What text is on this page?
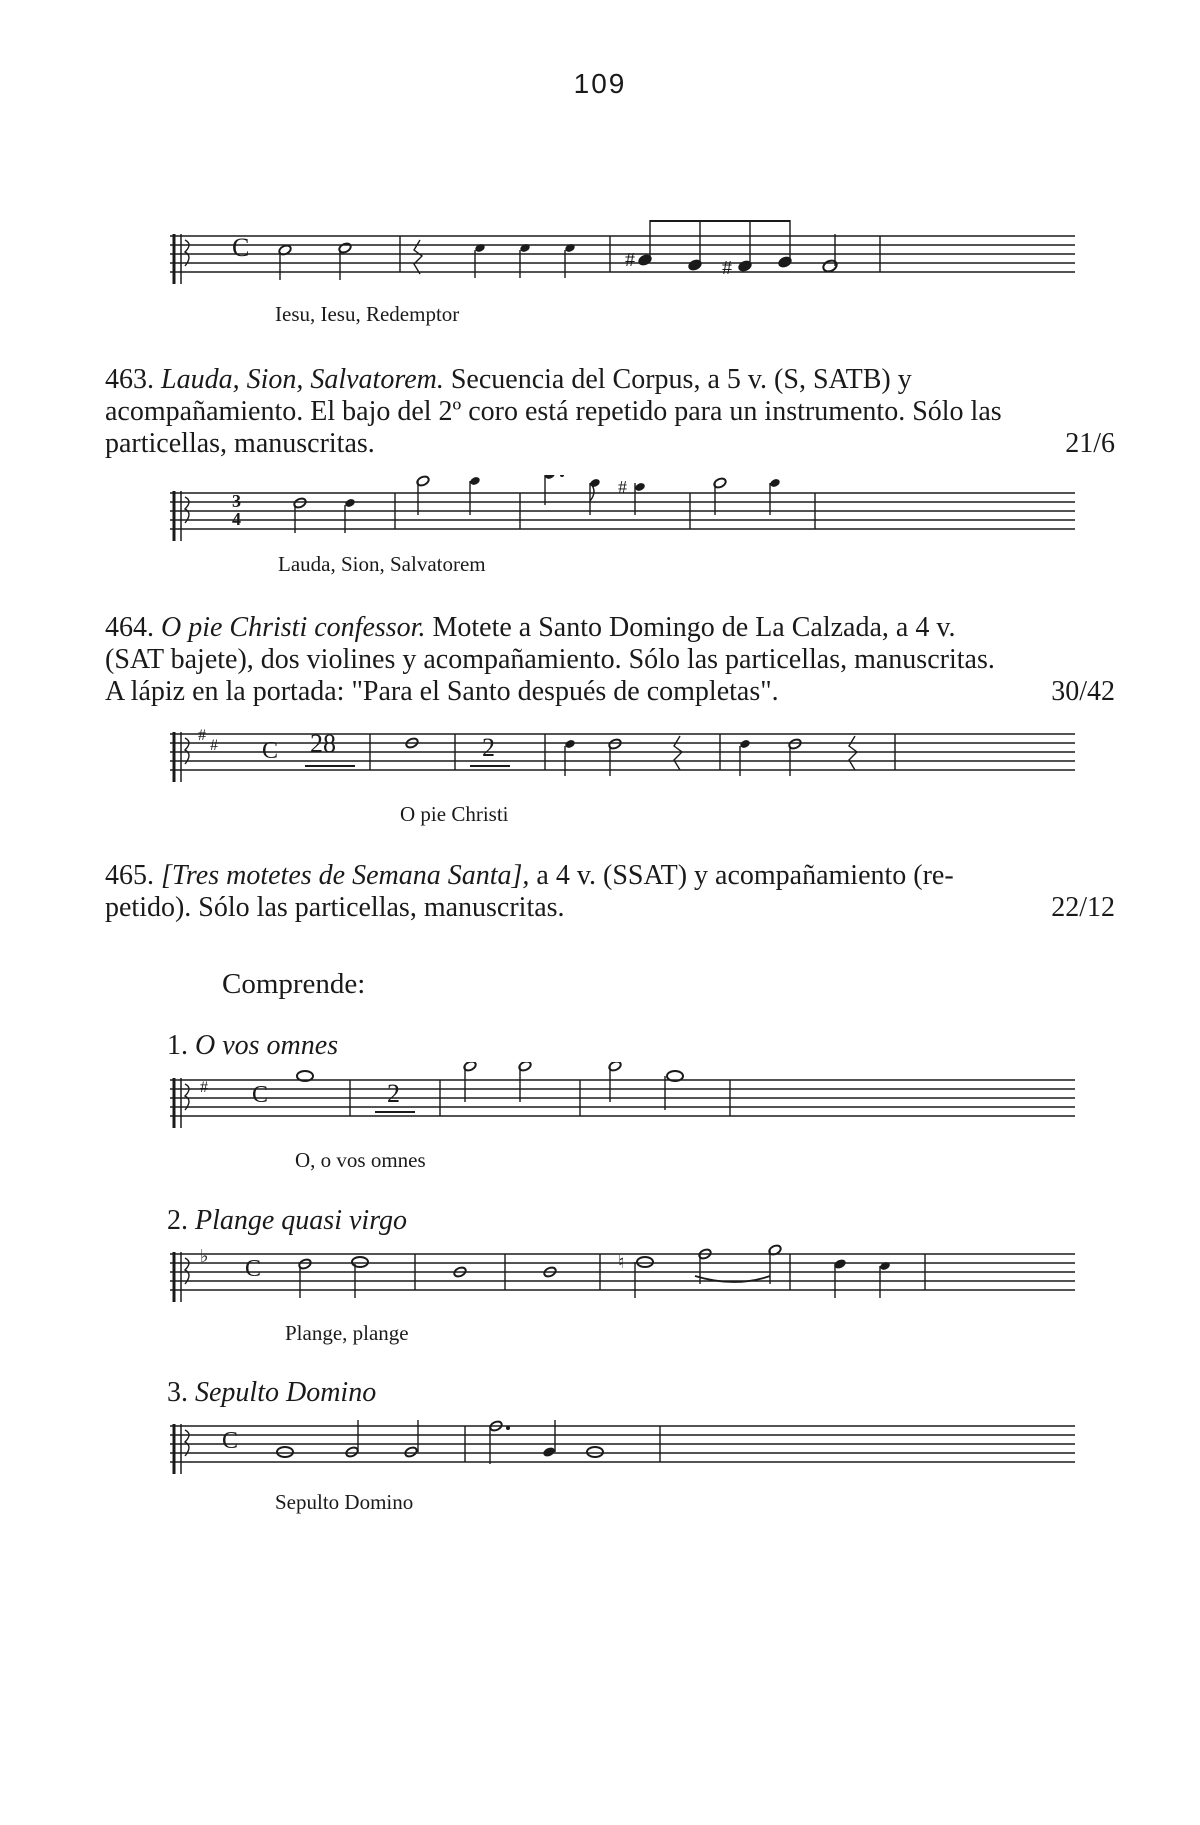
109
C	#	#
Iesu, Iesu, Redemptor
463. Lauda, Sion, Salvatorem. Secuencia del Corpus, a 5 v. (S, SATB) y
acompañamiento. El bajo del 2º coro está repetido para un instrumento. Sólo las
particellas, manuscritas.	21/6
3
4
#
Lauda, Sion, Salvatorem
464. O pie Christi confessor. Motete a Santo Domingo de La Calzada, a 4 v.
(SAT bajete), dos violines y acompañamiento. Sólo las particellas, manuscritas.
A lápiz en la portada: "Para el Santo después de completas".	30/42
#
# C 28	2
O pie Christi
465. [Tres motetes de Semana Santa], a 4 v. (SSAT) y acompañamiento (re-
petido). Sólo las particellas, manuscritas.	22/12
Comprende:
1. O vos omnes
# C	2
O, o vos omnes
2. Plange quasi virgo
♭ C	♮
Plange, plange
3. Sepulto Domino
C
Sepulto Domino
